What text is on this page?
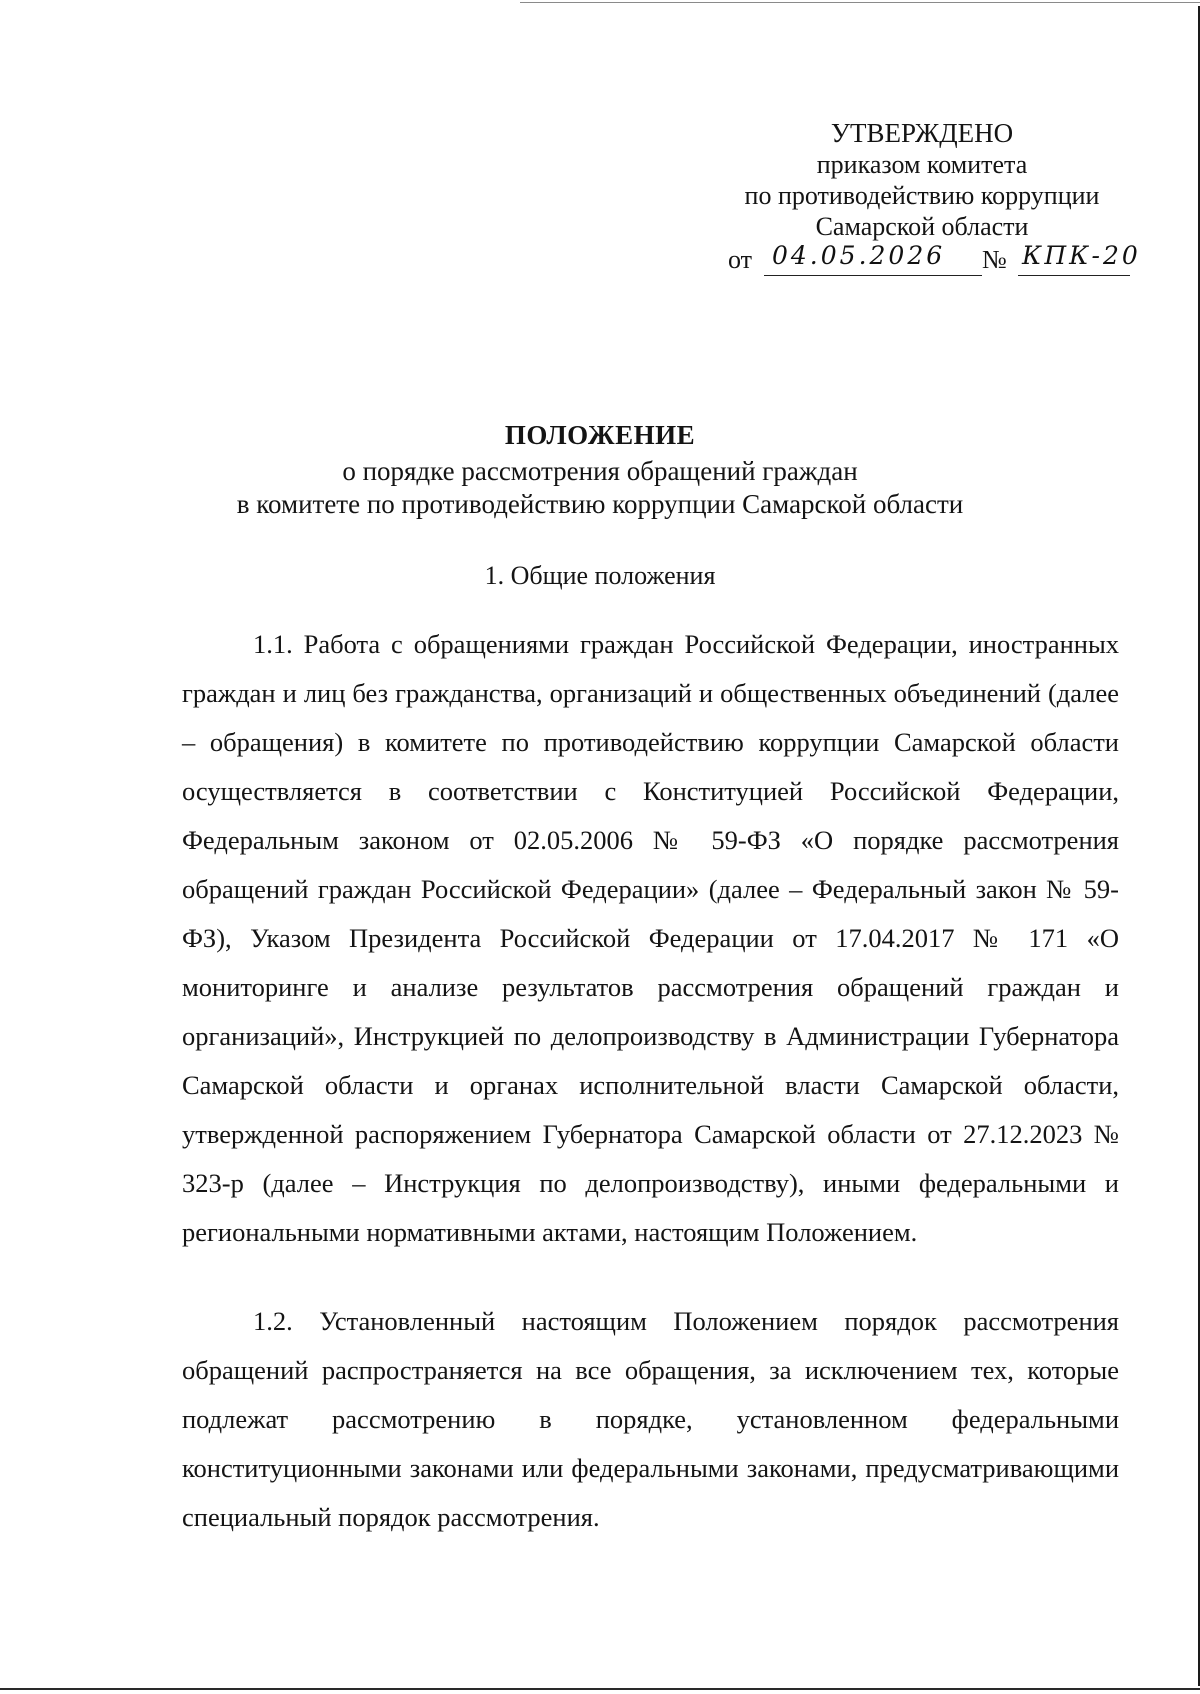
УТВЕРЖДЕНО
приказом комитета
по противодействию коррупции
Самарской области
от 04.05.2026 № КПК-20
ПОЛОЖЕНИЕ
о порядке рассмотрения обращений граждан
в комитете по противодействию коррупции Самарской области
1. Общие положения

1.1. Работа с обращениями граждан Российской Федерации, иностранных граждан и лиц без гражданства, организаций и общественных объединений (далее – обращения) в комитете по противодействию коррупции Самарской области осуществляется в соответствии с Конституцией Российской Федерации, Федеральным законом от 02.05.2006 № 59-ФЗ «О порядке рассмотрения обращений граждан Российской Федерации» (далее – Федеральный закон № 59-ФЗ), Указом Президента Российской Федерации от 17.04.2017 № 171 «О мониторинге и анализе результатов рассмотрения обращений граждан и организаций», Инструкцией по делопроизводству в Администрации Губернатора Самарской области и органах исполнительной власти Самарской области, утвержденной распоряжением Губернатора Самарской области от 27.12.2023 № 323-р (далее – Инструкция по делопроизводству), иными федеральными и региональными нормативными актами, настоящим Положением.

1.2. Установленный настоящим Положением порядок рассмотрения обращений распространяется на все обращения, за исключением тех, которые подлежат рассмотрению в порядке, установленном федеральными конституционными законами или федеральными законами, предусматривающими специальный порядок рассмотрения.
